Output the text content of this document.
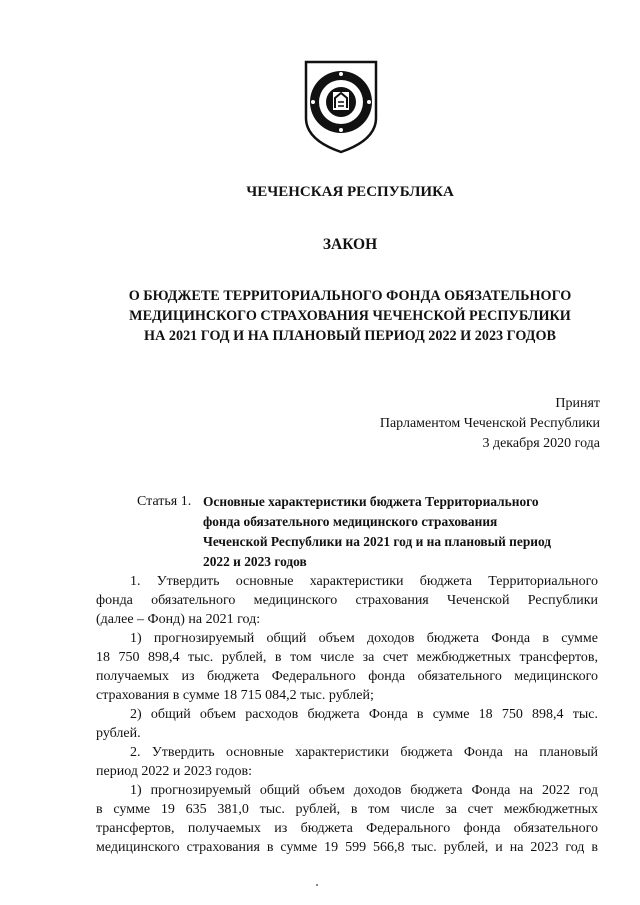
ЧЕЧЕНСКАЯ РЕСПУБЛИКА

ЗАКОН

О БЮДЖЕТЕ ТЕРРИТОРИАЛЬНОГО ФОНДА ОБЯЗАТЕЛЬНОГО
МЕДИЦИНСКОГО СТРАХОВАНИЯ ЧЕЧЕНСКОЙ РЕСПУБЛИКИ
НА 2021 ГОД И НА ПЛАНОВЫЙ ПЕРИОД 2022 И 2023 ГОДОВ
Принят
Парламентом Чеченской Республики
3 декабря 2020 года
Статья 1. Основные характеристики бюджета Территориального
фонда обязательного медицинского страхования
Чеченской Республики на 2021 год и на плановый период
2022 и 2023 годов
1. Утвердить основные характеристики бюджета Территориального
фонда обязательного медицинского страхования Чеченской Республики
(далее – Фонд) на 2021 год:
1) прогнозируемый общий объем доходов бюджета Фонда в сумме
18 750 898,4 тыс. рублей, в том числе за счет межбюджетных трансфертов,
получаемых из бюджета Федерального фонда обязательного медицинского
страхования в сумме 18 715 084,2 тыс. рублей;
2) общий объем расходов бюджета Фонда в сумме 18 750 898,4 тыс.
рублей.
2. Утвердить основные характеристики бюджета Фонда на плановый
период 2022 и 2023 годов:
1) прогнозируемый общий объем доходов бюджета Фонда на 2022 год
в сумме 19 635 381,0 тыс. рублей, в том числе за счет межбюджетных
трансфертов, получаемых из бюджета Федерального фонда обязательного
медицинского страхования в сумме 19 599 566,8 тыс. рублей, и на 2023 год в
